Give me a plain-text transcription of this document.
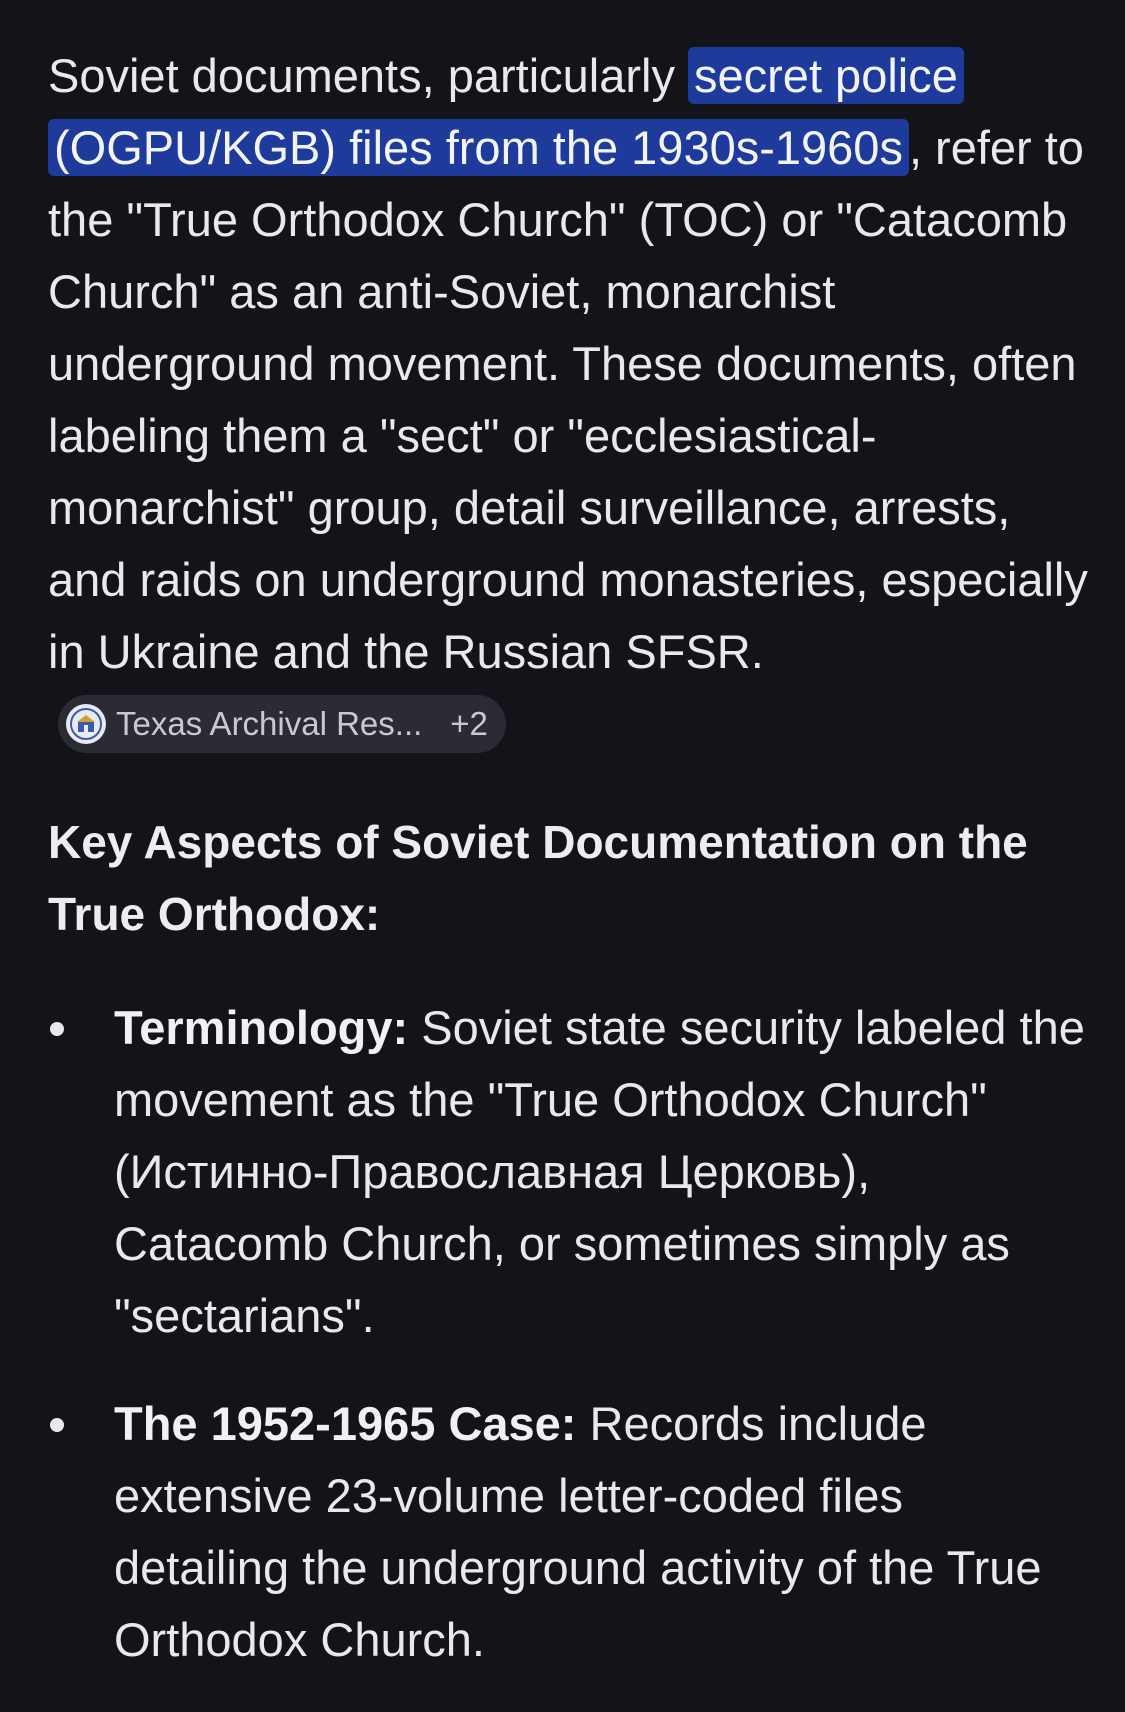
Soviet documents, particularly secret police (OGPU/KGB) files from the 1930s-1960s , refer to the "True Orthodox Church" (TOC) or "Catacomb Church" as an anti-Soviet, monarchist underground movement. These documents, often labeling them a "sect" or "ecclesiastical-monarchist" group, detail surveillance, arrests, and raids on underground monasteries, especially in Ukraine and the Russian SFSR.
Texas Archival Res... +2

Key Aspects of Soviet Documentation on the True Orthodox:
Terminology: Soviet state security labeled the movement as the "True Orthodox Church" (Истинно-Православная Церковь), Catacomb Church, or sometimes simply as "sectarians".
The 1952-1965 Case: Records include extensive 23-volume letter-coded files detailing the underground activity of the True Orthodox Church.
